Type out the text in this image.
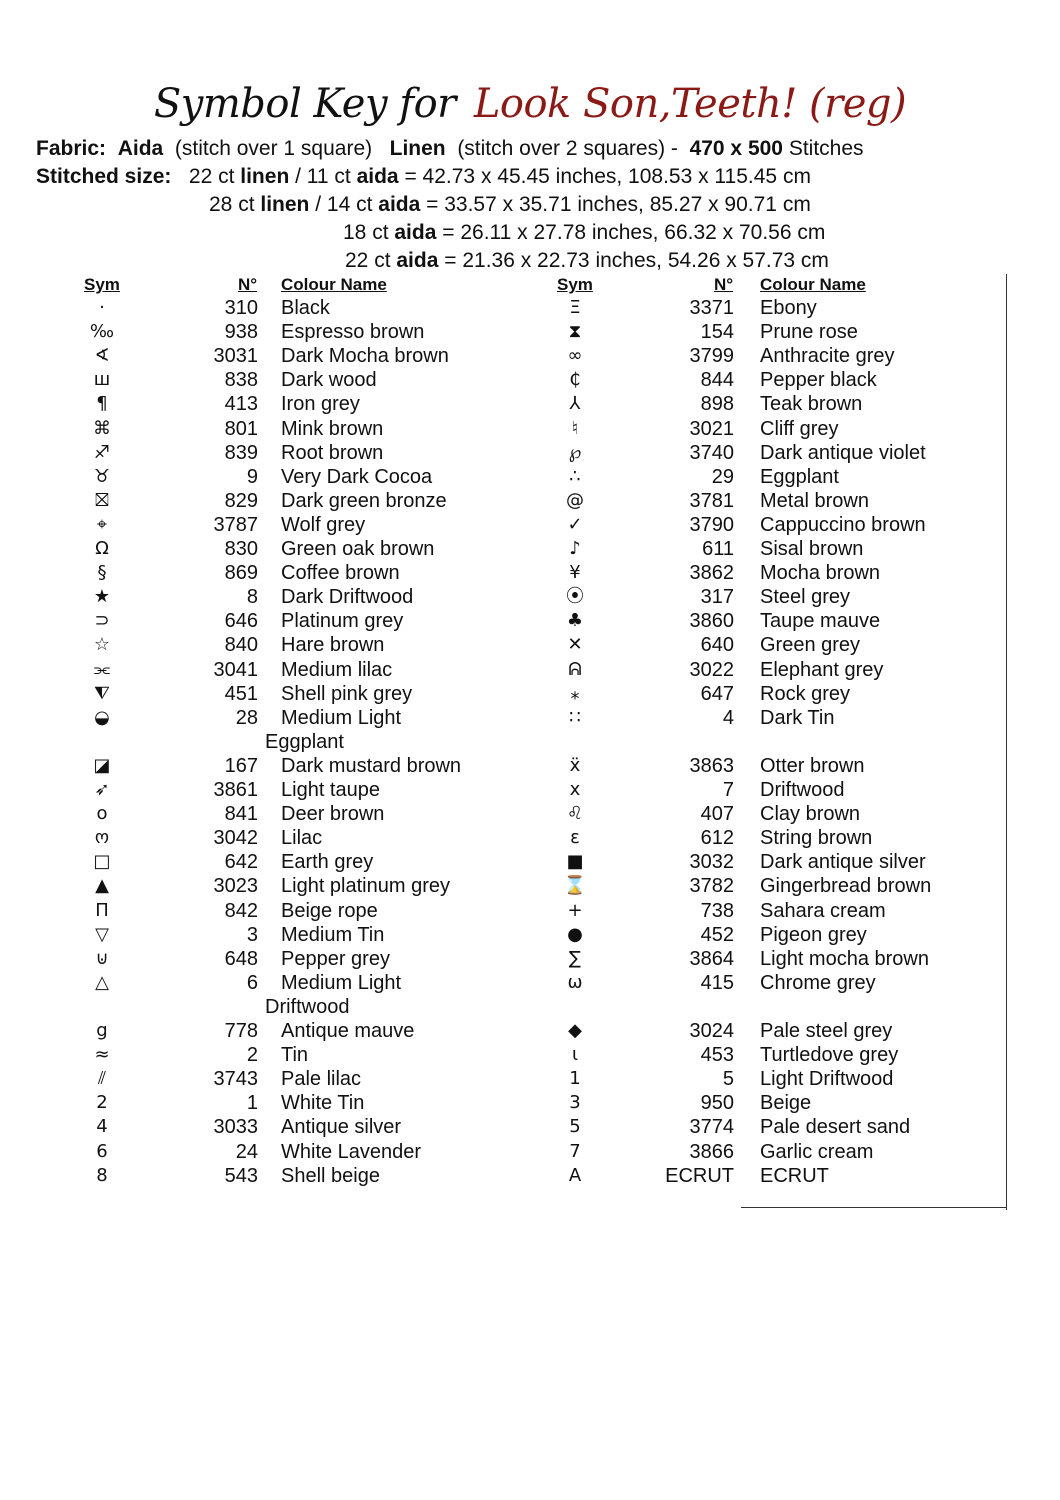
Symbol Key for Look Son,Teeth! (reg)
Fabric: Aida (stitch over 1 square) Linen (stitch over 2 squares) - 470 x 500 Stitches
Stitched size: 22 ct linen / 11 ct aida = 42.73 x 45.45 inches, 108.53 x 115.45 cm
28 ct linen / 14 ct aida = 33.57 x 35.71 inches, 85.27 x 90.71 cm
18 ct aida = 26.11 x 27.78 inches, 66.32 x 70.56 cm
22 ct aida = 21.36 x 22.73 inches, 54.26 x 57.73 cm
Sym	N° Colour Name	Sym	N° Colour Name
·	310 Black
‰	938 Espresso brown
∢	3031 Dark Mocha brown
ш	838 Dark wood
¶	413 Iron grey
⌘	801 Mink brown
♐	839 Root brown
♉	9 Very Dark Cocoa
⛝	829 Dark green bronze
⌖	3787 Wolf grey
Ω	830 Green oak brown
§	869 Coffee brown
★	8 Dark Driftwood
⊃	646 Platinum grey
☆	840 Hare brown
⫘	3041 Medium lilac
⧨	451 Shell pink grey
◒	28 Medium Light
Eggplant
◪	167 Dark mustard brown
➶	3861 Light taupe
o	841 Deer brown
ო	3042 Lilac
□	642 Earth grey
▲	3023 Light platinum grey
Π	842 Beige rope
▽	3 Medium Tin
⊍	648 Pepper grey
△	6 Medium Light
Driftwood
g	778 Antique mauve
≈	2 Tin
⫽	3743 Pale lilac
2	1 White Tin
4	3033 Antique silver
6	24 White Lavender
8	543 Shell beige
Ξ	3371 Ebony
⧗	154 Prune rose
∞	3799 Anthracite grey
₵	844 Pepper black
⅄	898 Teak brown
♮	3021 Cliff grey
℘	3740 Dark antique violet
∴	29 Eggplant
@	3781 Metal brown
✓	3790 Cappuccino brown
♪	611 Sisal brown
¥	3862 Mocha brown
⦿	317 Steel grey
♣	3860 Taupe mauve
✕	640 Green grey
ᕱ	3022 Elephant grey
⁎	647 Rock grey
∷	4 Dark Tin
ẍ	3863 Otter brown
x	7 Driftwood
♌	407 Clay brown
ɛ	612 String brown
■	3032 Dark antique silver
⌛	3782 Gingerbread brown
+	738 Sahara cream
●	452 Pigeon grey
∑	3864 Light mocha brown
ω	415 Chrome grey
◆	3024 Pale steel grey
ɩ	453 Turtledove grey
1	5 Light Driftwood
3	950 Beige
5	3774 Pale desert sand
7	3866 Garlic cream
A	ECRUT ECRUT
